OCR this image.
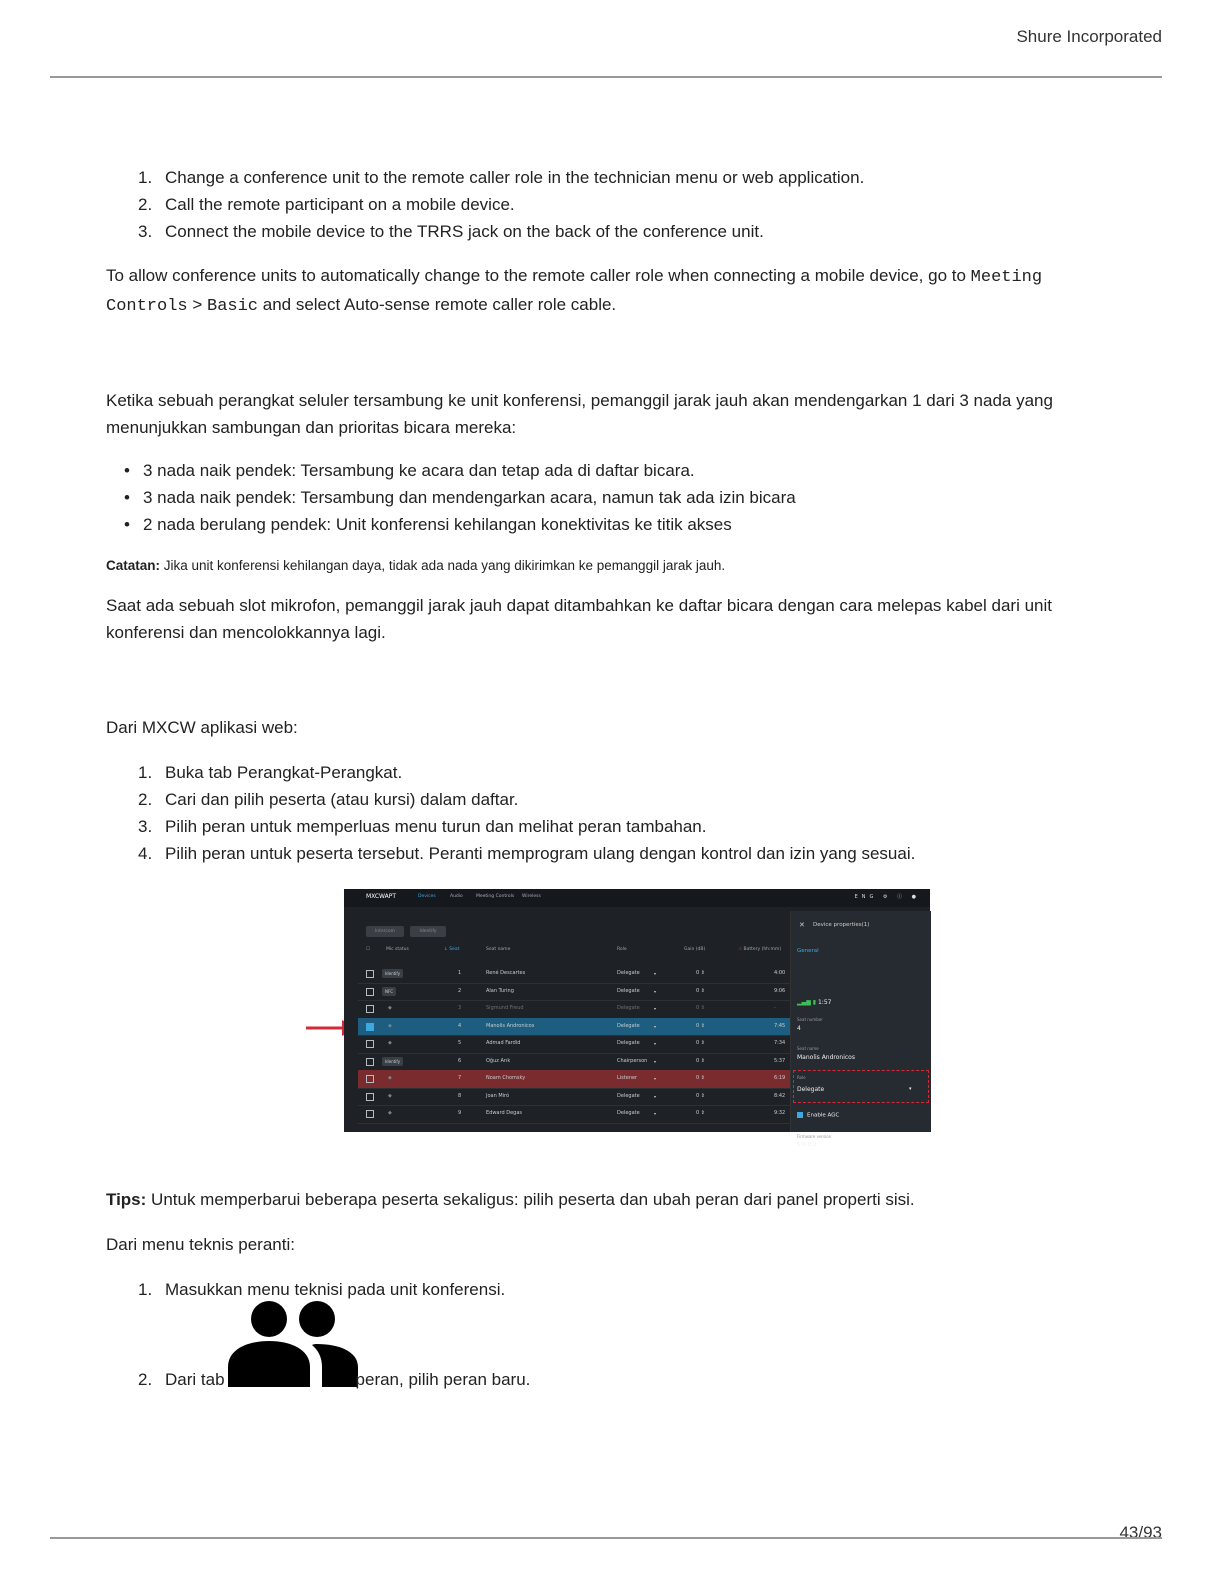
Shure Incorporated
1. Change a conference unit to the remote caller role in the technician menu or web application.
2. Call the remote participant on a mobile device.
3. Connect the mobile device to the TRRS jack on the back of the conference unit.

To allow conference units to automatically change to the remote caller role when connecting a mobile device, go to Meeting Controls > Basic and select Auto-sense remote caller role cable.

Ketika sebuah perangkat seluler tersambung ke unit konferensi, pemanggil jarak jauh akan mendengarkan 1 dari 3 nada yang menunjukkan sambungan dan prioritas bicara mereka:

• 3 nada naik pendek: Tersambung ke acara dan tetap ada di daftar bicara.
• 3 nada naik pendek: Tersambung dan mendengarkan acara, namun tak ada izin bicara
• 2 nada berulang pendek: Unit konferensi kehilangan konektivitas ke titik akses

Catatan: Jika unit konferensi kehilangan daya, tidak ada nada yang dikirimkan ke pemanggil jarak jauh.

Saat ada sebuah slot mikrofon, pemanggil jarak jauh dapat ditambahkan ke daftar bicara dengan cara melepas kabel dari unit konferensi dan mencolokkannya lagi.

Dari MXCW aplikasi web:

1. Buka tab Perangkat-Perangkat.
2. Cari dan pilih peserta (atau kursi) dalam daftar.
3. Pilih peran untuk memperluas menu turun dan melihat peran tambahan.
4. Pilih peran untuk peserta tersebut. Peranti memprogram ulang dengan kontrol dan izin yang sesuai.
MXCWAPT	Devices	Audio	Meeting Controls Wireless	ENG ⚙ ⓘ ●
Intercom	Identify
☐	Mic status	↓ Seat	Seat name	Role	Gain (dB)	⚠ Battery (hh:mm)
Identify	1	René Descartes	Delegate	▾	0 ⇕	4:00
NFC	2	Alan Turing	Delegate	▾	0 ⇕	9:06
◆	3	Sigmund Freud	Delegate	▾	0 ⇕	-
◆	4	Manolis Andronicos	Delegate	▾	0 ⇕	7:45
◆	5	Admad Fardid	Delegate	▾	0 ⇕	7:34
Identify	6	Oğuz Arık	Chairperson ▾	0 ⇕	5:37
◆	7	Noam Chomsky	Listener	▾	0 ⇕	6:19
◆	8	Joan Miró	Delegate	▾	0 ⇕	8:42
◆	9	Edward Degas	Delegate	▾	0 ⇕	9:32
✕ Device properties(1)
General
▂▄▆ ▮ 1:57
Seat number
4
Seat name
Manolis Andronicos
Role
Delegate	▾
Enable AGC
Firmware version
1.0.0.2

Tips: Untuk memperbarui beberapa peserta sekaligus: pilih peserta dan ubah peran dari panel properti sisi.

Dari menu teknis peranti:

1. Masukkan menu teknisi pada unit konferensi.
2. Dari tab	peran, pilih peran baru.
43/93
